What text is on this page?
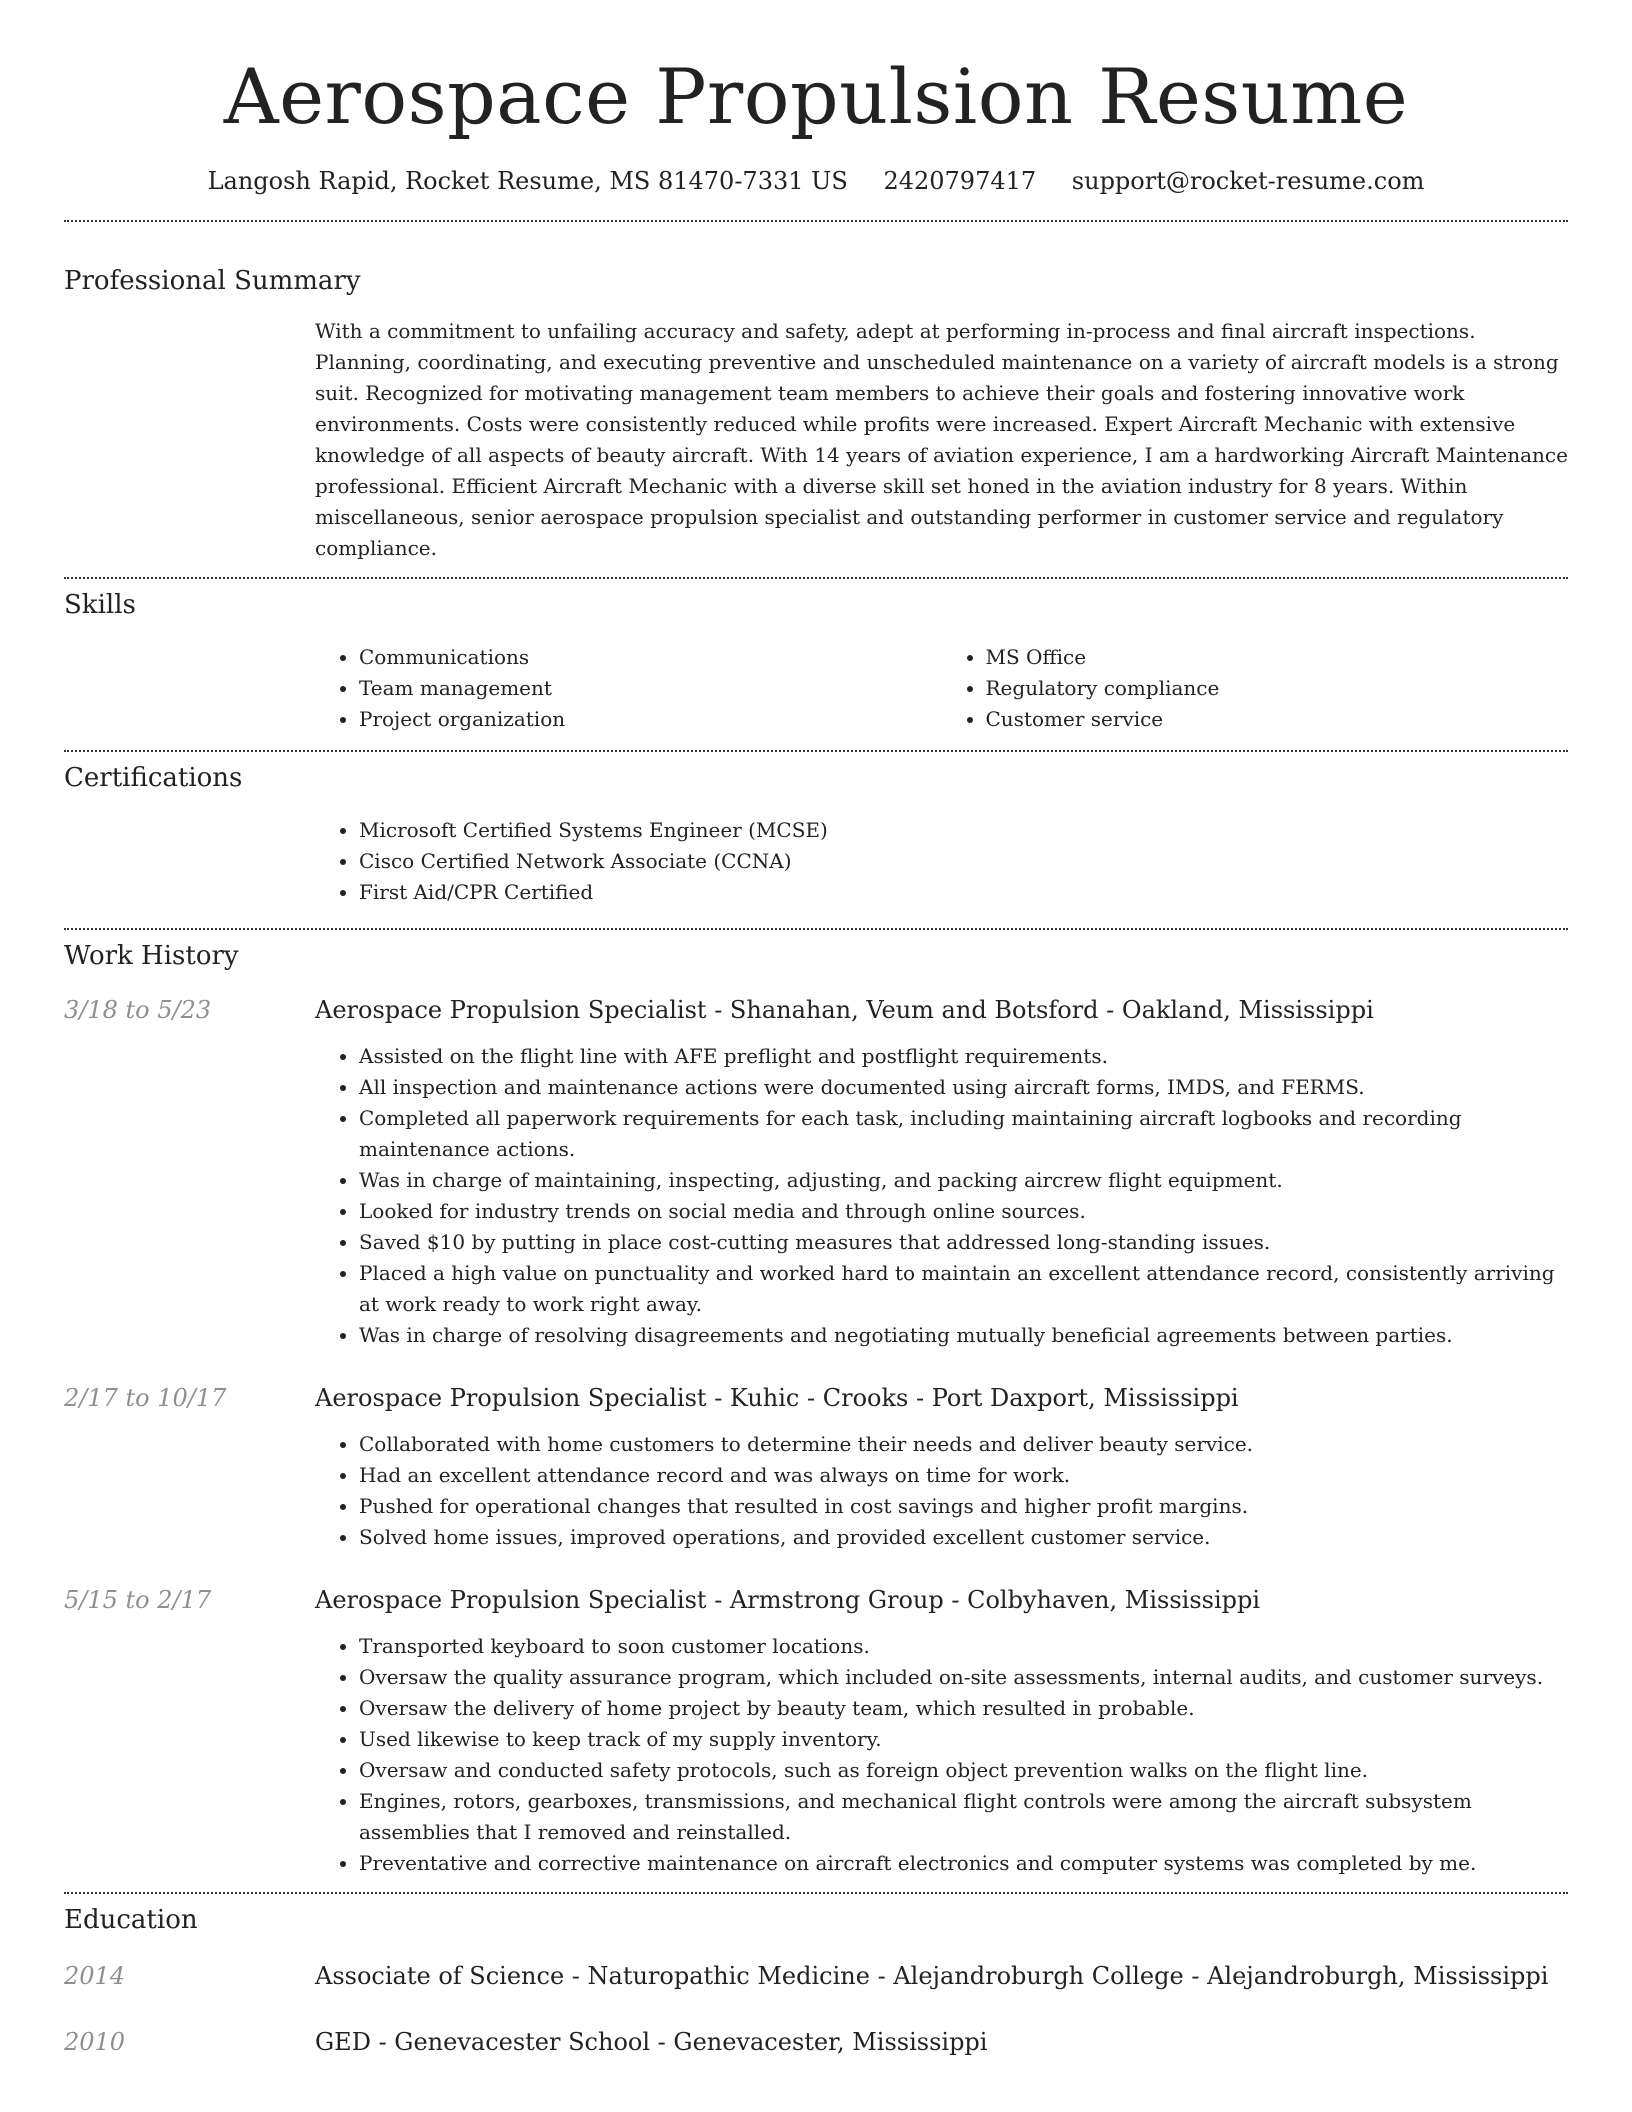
Aerospace Propulsion Resume
Langosh Rapid, Rocket Resume, MS 81470-7331 US 2420797417 support@rocket-resume.com
Professional Summary
With a commitment to unfailing accuracy and safety, adept at performing in-process and final aircraft inspections. Planning, coordinating, and executing preventive and unscheduled maintenance on a variety of aircraft models is a strong suit. Recognized for motivating management team members to achieve their goals and fostering innovative work environments. Costs were consistently reduced while profits were increased. Expert Aircraft Mechanic with extensive knowledge of all aspects of beauty aircraft. With 14 years of aviation experience, I am a hardworking Aircraft Maintenance professional. Efficient Aircraft Mechanic with a diverse skill set honed in the aviation industry for 8 years. Within miscellaneous, senior aerospace propulsion specialist and outstanding performer in customer service and regulatory compliance.
Skills
• Communications
• Team management
• Project organization
• MS Office
• Regulatory compliance
• Customer service
Certifications
• Microsoft Certified Systems Engineer (MCSE)
• Cisco Certified Network Associate (CCNA)
• First Aid/CPR Certified
Work History
3/18 to 5/23	Aerospace Propulsion Specialist - Shanahan, Veum and Botsford - Oakland, Mississippi
• Assisted on the flight line with AFE preflight and postflight requirements.
• All inspection and maintenance actions were documented using aircraft forms, IMDS, and FERMS.
• Completed all paperwork requirements for each task, including maintaining aircraft logbooks and recording maintenance actions.
• Was in charge of maintaining, inspecting, adjusting, and packing aircrew flight equipment.
• Looked for industry trends on social media and through online sources.
• Saved $10 by putting in place cost-cutting measures that addressed long-standing issues.
• Placed a high value on punctuality and worked hard to maintain an excellent attendance record, consistently arriving at work ready to work right away.
• Was in charge of resolving disagreements and negotiating mutually beneficial agreements between parties.
2/17 to 10/17	Aerospace Propulsion Specialist - Kuhic - Crooks - Port Daxport, Mississippi
• Collaborated with home customers to determine their needs and deliver beauty service.
• Had an excellent attendance record and was always on time for work.
• Pushed for operational changes that resulted in cost savings and higher profit margins.
• Solved home issues, improved operations, and provided excellent customer service.
5/15 to 2/17	Aerospace Propulsion Specialist - Armstrong Group - Colbyhaven, Mississippi
• Transported keyboard to soon customer locations.
• Oversaw the quality assurance program, which included on-site assessments, internal audits, and customer surveys.
• Oversaw the delivery of home project by beauty team, which resulted in probable.
• Used likewise to keep track of my supply inventory.
• Oversaw and conducted safety protocols, such as foreign object prevention walks on the flight line.
• Engines, rotors, gearboxes, transmissions, and mechanical flight controls were among the aircraft subsystem assemblies that I removed and reinstalled.
• Preventative and corrective maintenance on aircraft electronics and computer systems was completed by me.
Education
2014	Associate of Science - Naturopathic Medicine - Alejandroburgh College - Alejandroburgh, Mississippi
2010	GED - Genevacester School - Genevacester, Mississippi
